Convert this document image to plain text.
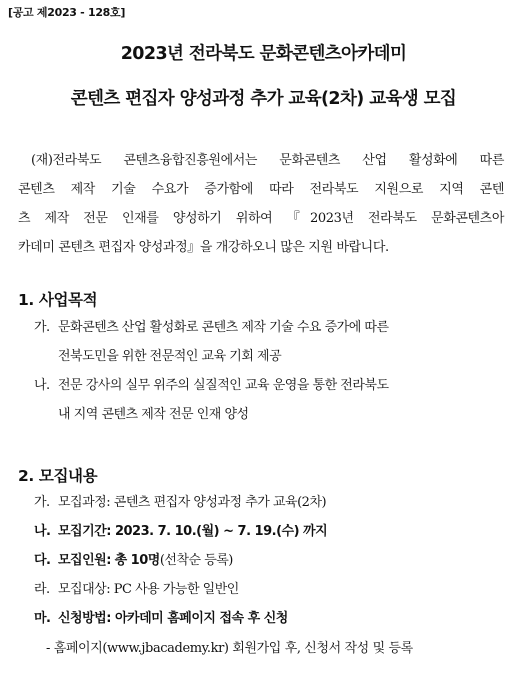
[공고 제2023 - 128호]
2023년 전라북도 문화콘텐츠아카데미
콘텐츠 편집자 양성과정 추가 교육(2차) 교육생 모집
(재)전라북도 콘텐츠융합진흥원에서는 문화콘텐츠 산업 활성화에 따른
콘텐츠 제작 기술 수요가 증가함에 따라 전라북도 지원으로 지역 콘텐
츠 제작 전문 인재를 양성하기 위하여 『2023년 전라북도 문화콘텐츠아
카데미 콘텐츠 편집자 양성과정』을 개강하오니 많은 지원 바랍니다.
1. 사업목적
가. 문화콘텐츠 산업 활성화로 콘텐츠 제작 기술 수요 증가에 따른
전북도민을 위한 전문적인 교육 기회 제공
나. 전문 강사의 실무 위주의 실질적인 교육 운영을 통한 전라북도
내 지역 콘텐츠 제작 전문 인재 양성
2. 모집내용
가. 모집과정: 콘텐츠 편집자 양성과정 추가 교육(2차)
나. 모집기간: 2023. 7. 10.(월) ~ 7. 19.(수) 까지
다. 모집인원: 총 10명(선착순 등록)
라. 모집대상: PC 사용 가능한 일반인
마. 신청방법: 아카데미 홈페이지 접속 후 신청
- 홈페이지(www.jbacademy.kr) 회원가입 후, 신청서 작성 및 등록
